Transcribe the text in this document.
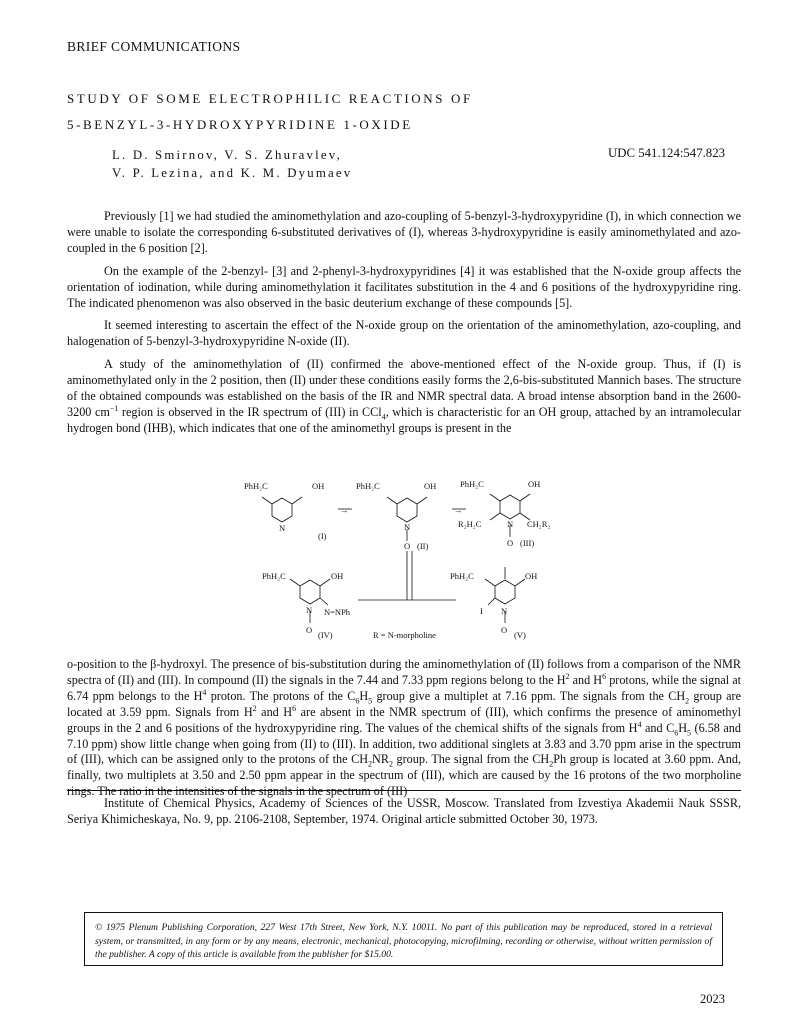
BRIEF COMMUNICATIONS
STUDY OF SOME ELECTROPHILIC REACTIONS OF
5-BENZYL-3-HYDROXYPYRIDINE 1-OXIDE
L. D. Smirnov, V. S. Zhuravlev,
V. P. Lezina, and K. M. Dyumaev
UDC 541.124:547.823

Previously [1] we had studied the aminomethylation and azo-coupling of 5-benzyl-3-hydroxypyridine (I), in which connection we were unable to isolate the corresponding 6-substituted derivatives of (I), whereas 3-hydroxypyridine is easily aminomethylated and azo-coupled in the 6 position [2].

On the example of the 2-benzyl- [3] and 2-phenyl-3-hydroxypyridines [4] it was established that the N-oxide group affects the orientation of iodination, while during aminomethylation it facilitates substitution in the 4 and 6 positions of the hydroxypyridine ring. The indicated phenomenon was also observed in the basic deuterium exchange of these compounds [5].

It seemed interesting to ascertain the effect of the N-oxide group on the orientation of the aminomethylation, azo-coupling, and halogenation of 5-benzyl-3-hydroxypyridine N-oxide (II).

A study of the aminomethylation of (II) confirmed the above-mentioned effect of the N-oxide group. Thus, if (I) is aminomethylated only in the 2 position, then (II) under these conditions easily forms the 2,6-bis-substituted Mannich bases. The structure of the obtained compounds was established on the basis of the IR and NMR spectral data. A broad intense absorption band in the 2600-3200 $cm^{-1}$ region is observed in the IR spectrum of (III) in CCl$_4$, which is characteristic for an OH group, attached by an intramolecular hydrogen bond (IHB), which indicates that one of the aminomethyl groups is present in the

PhH₂C	OH
N
(I)
→
PhH₂C	OH
N
O (II)
→
PhH₂C	OH
R₂H₂C	N CH₂R₂
O (III)
PhH₂C	OH
N N=NPh
O (IV)	R = N-morpholine
PhH₂C	OH
I N
O (V)

o-position to the β-hydroxyl. The presence of bis-substitution during the aminomethylation of (II) follows from a comparison of the NMR spectra of (II) and (III). In compound (II) the signals in the 7.44 and 7.33 ppm regions belong to the $H^2$ and $H^6$ protons, while the signal at 6.74 ppm belongs to the $H^4$ proton. The protons of the $C_6H_5$ group give a multiplet at 7.16 ppm. The signals from the $CH_2$ group are located at 3.59 ppm. Signals from $H^2$ and $H^6$ are absent in the NMR spectrum of (III), which confirms the presence of aminomethyl groups in the 2 and 6 positions of the hydroxypyridine ring. The values of the chemical shifts of the signals from $H^4$ and $C_6H_5$ (6.58 and 7.10 ppm) show little change when going from (II) to (III). In addition, two additional singlets at 3.83 and 3.70 ppm arise in the spectrum of (III), which can be assigned only to the protons of the $CH_2NR_2$ group. The signal from the $CH_2Ph$ group is located at 3.60 ppm. And, finally, two multiplets at 3.50 and 2.50 ppm appear in the spectrum of (III), which are caused by the 16 protons of the two morpholine rings. The ratio in the intensities of the signals in the spectrum of (III)

Institute of Chemical Physics, Academy of Sciences of the USSR, Moscow. Translated from Izvestiya Akademii Nauk SSSR, Seriya Khimicheskaya, No. 9, pp. 2106-2108, September, 1974. Original article submitted October 30, 1973.

© 1975 Plenum Publishing Corporation, 227 West 17th Street, New York, N.Y. 10011. No part of this publication may be reproduced, stored in a retrieval system, or transmitted, in any form or by any means, electronic, mechanical, photocopying, microfilming, recording or otherwise, without written permission of the publisher. A copy of this article is available from the publisher for $15.00.
2023
